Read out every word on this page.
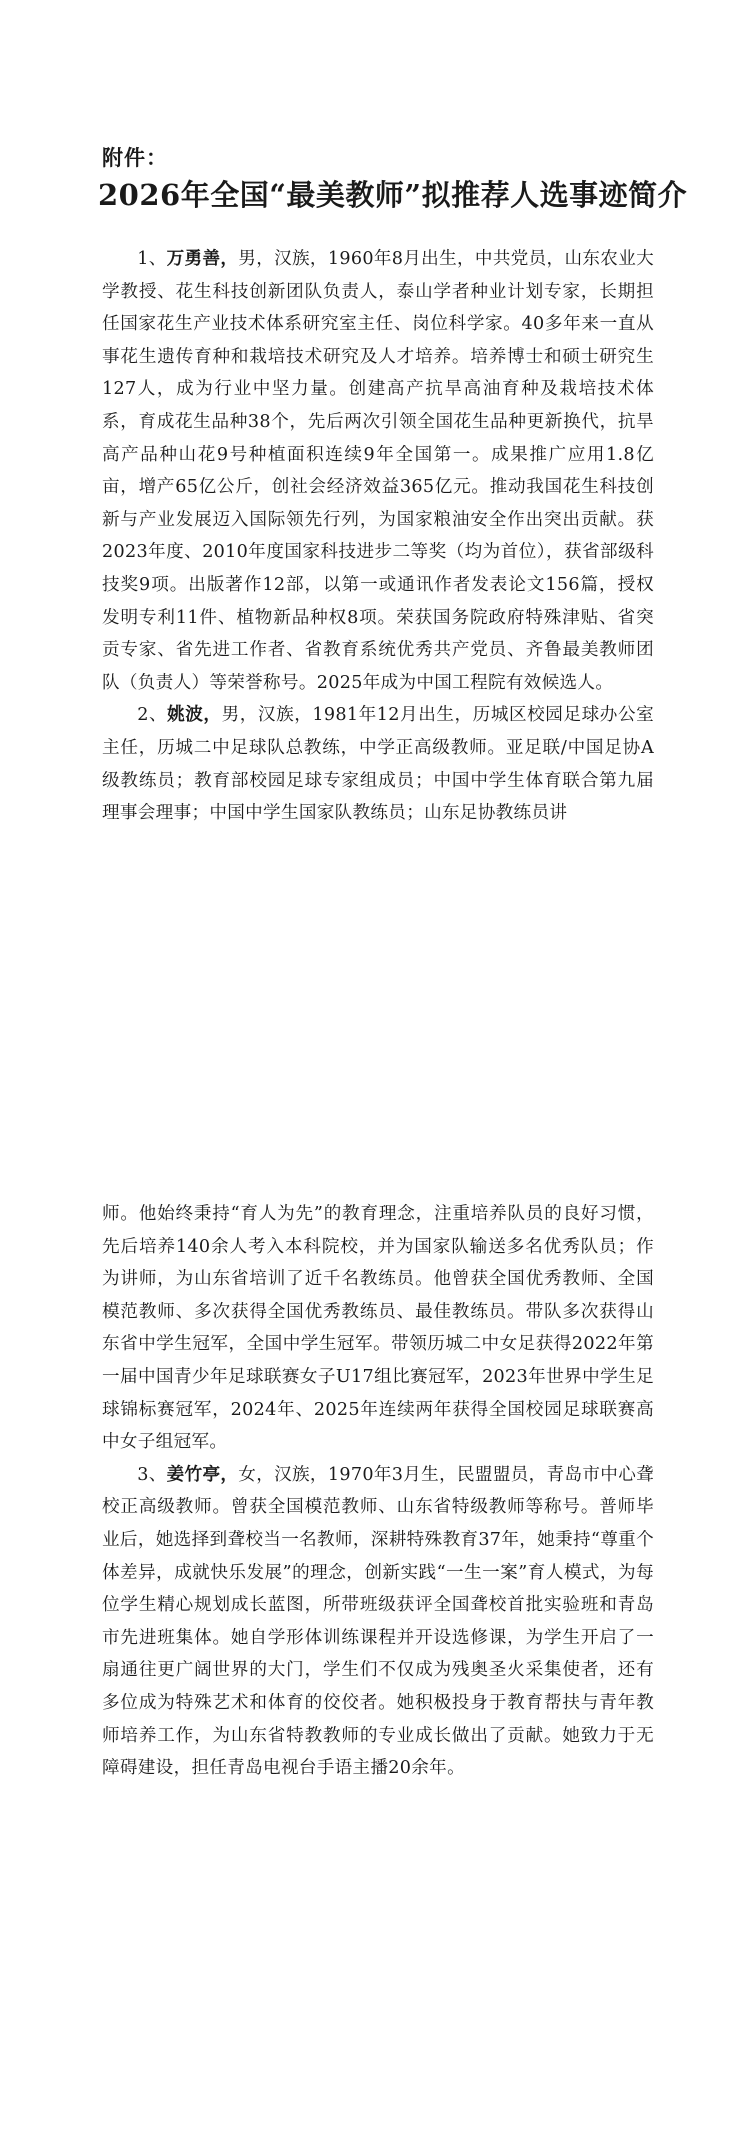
附件：
2026年全国“最美教师”拟推荐人选事迹简介

1、万勇善，男，汉族，1960年8月出生，中共党员，山东农业大学教授、花生科技创新团队负责人，泰山学者种业计划专家，长期担任国家花生产业技术体系研究室主任、岗位科学家。40多年来一直从事花生遗传育种和栽培技术研究及人才培养。培养博士和硕士研究生127人，成为行业中坚力量。创建高产抗旱高油育种及栽培技术体系，育成花生品种38个，先后两次引领全国花生品种更新换代，抗旱高产品种山花9号种植面积连续9年全国第一。成果推广应用1.8亿亩，增产65亿公斤，创社会经济效益365亿元。推动我国花生科技创新与产业发展迈入国际领先行列，为国家粮油安全作出突出贡献。获2023年度、2010年度国家科技进步二等奖（均为首位），获省部级科技奖9项。出版著作12部，以第一或通讯作者发表论文156篇，授权发明专利11件、植物新品种权8项。荣获国务院政府特殊津贴、省突贡专家、省先进工作者、省教育系统优秀共产党员、齐鲁最美教师团队（负责人）等荣誉称号。2025年成为中国工程院有效候选人。

2、姚波，男，汉族，1981年12月出生，历城区校园足球办公室主任，历城二中足球队总教练，中学正高级教师。亚足联/中国足协A级教练员；教育部校园足球专家组成员；中国中学生体育联合第九届理事会理事；中国中学生国家队教练员；山东足协教练员讲

师。他始终秉持“育人为先”的教育理念，注重培养队员的良好习惯，先后培养140余人考入本科院校，并为国家队输送多名优秀队员；作为讲师，为山东省培训了近千名教练员。他曾获全国优秀教师、全国模范教师、多次获得全国优秀教练员、最佳教练员。带队多次获得山东省中学生冠军，全国中学生冠军。带领历城二中女足获得2022年第一届中国青少年足球联赛女子U17组比赛冠军，2023年世界中学生足球锦标赛冠军，2024年、2025年连续两年获得全国校园足球联赛高中女子组冠军。

3、姜竹亭，女，汉族，1970年3月生，民盟盟员，青岛市中心聋校正高级教师。曾获全国模范教师、山东省特级教师等称号。普师毕业后，她选择到聋校当一名教师，深耕特殊教育37年，她秉持“尊重个体差异，成就快乐发展”的理念，创新实践“一生一案”育人模式，为每位学生精心规划成长蓝图，所带班级获评全国聋校首批实验班和青岛市先进班集体。她自学形体训练课程并开设选修课，为学生开启了一扇通往更广阔世界的大门，学生们不仅成为残奥圣火采集使者，还有多位成为特殊艺术和体育的佼佼者。她积极投身于教育帮扶与青年教师培养工作，为山东省特教教师的专业成长做出了贡献。她致力于无障碍建设，担任青岛电视台手语主播20余年。
